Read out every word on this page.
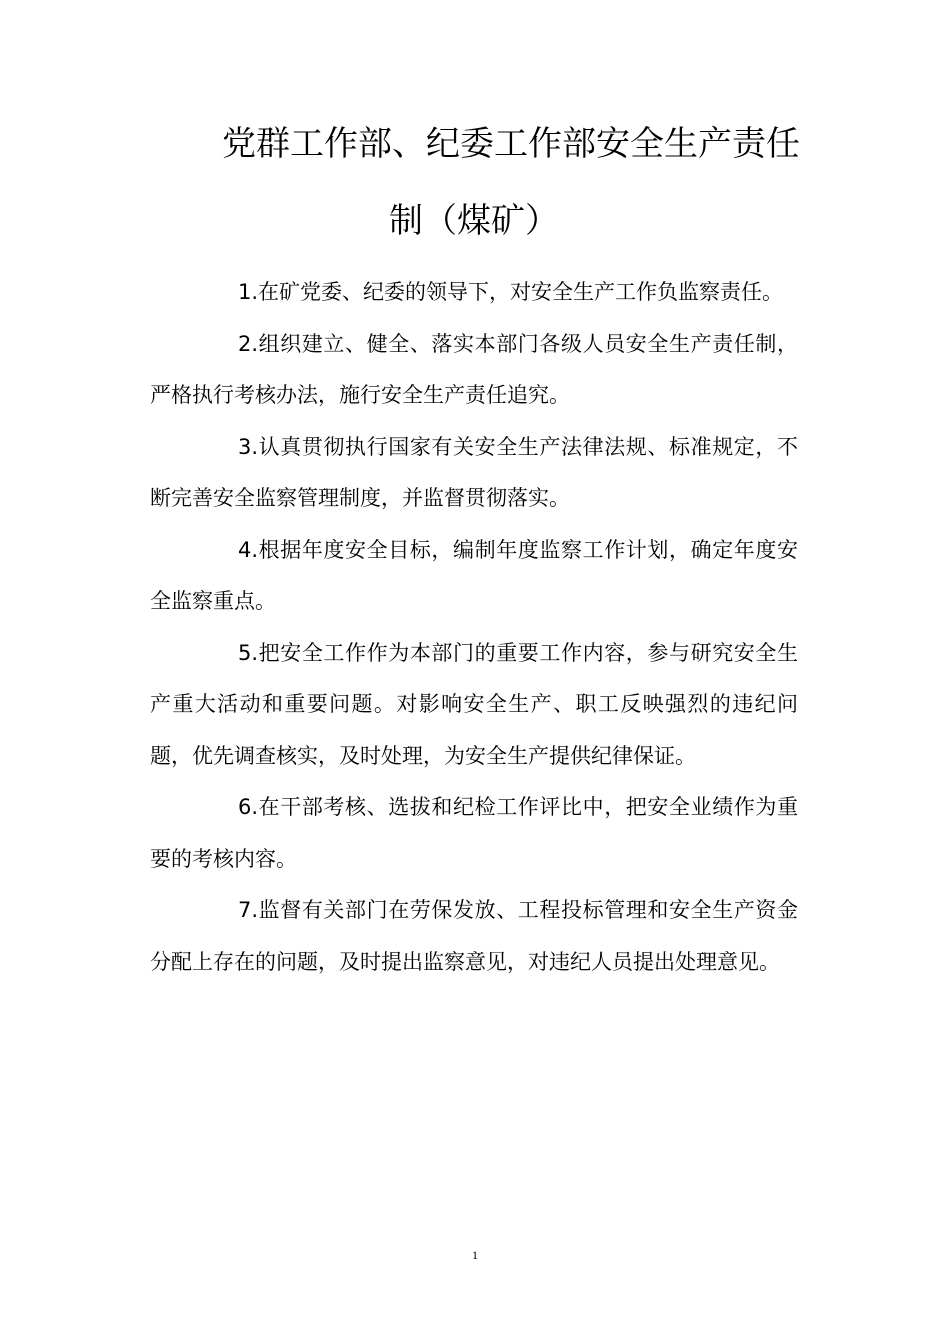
党群工作部、纪委工作部安全生产责任
制（煤矿）

1.在矿党委、纪委的领导下，对安全生产工作负监察责任。

2.组织建立、健全、落实本部门各级人员安全生产责任制，严格执行考核办法，施行安全生产责任追究。

3.认真贯彻执行国家有关安全生产法律法规、标准规定，不断完善安全监察管理制度，并监督贯彻落实。

4.根据年度安全目标，编制年度监察工作计划，确定年度安全监察重点。

5.把安全工作作为本部门的重要工作内容，参与研究安全生产重大活动和重要问题。对影响安全生产、职工反映强烈的违纪问题，优先调查核实，及时处理，为安全生产提供纪律保证。

6.在干部考核、选拔和纪检工作评比中，把安全业绩作为重要的考核内容。

7.监督有关部门在劳保发放、工程投标管理和安全生产资金分配上存在的问题，及时提出监察意见，对违纪人员提出处理意见。

1
